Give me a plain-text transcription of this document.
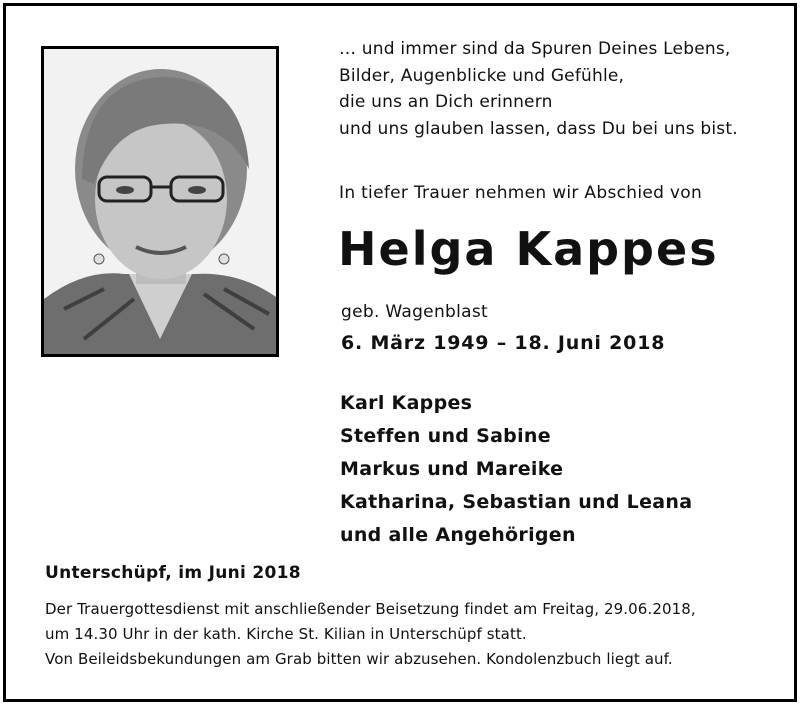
… und immer sind da Spuren Deines Lebens,
Bilder, Augenblicke und Gefühle,
die uns an Dich erinnern
und uns glauben lassen, dass Du bei uns bist.
In tiefer Trauer nehmen wir Abschied von
Helga Kappes
geb. Wagenblast
6. März 1949 – 18. Juni 2018
Karl Kappes
Steffen und Sabine
Markus und Mareike
Katharina, Sebastian und Leana
und alle Angehörigen
Unterschüpf, im Juni 2018
Der Trauergottesdienst mit anschließender Beisetzung findet am Freitag, 29.06.2018,
um 14.30 Uhr in der kath. Kirche St. Kilian in Unterschüpf statt.
Von Beileidsbekundungen am Grab bitten wir abzusehen. Kondolenzbuch liegt auf.
